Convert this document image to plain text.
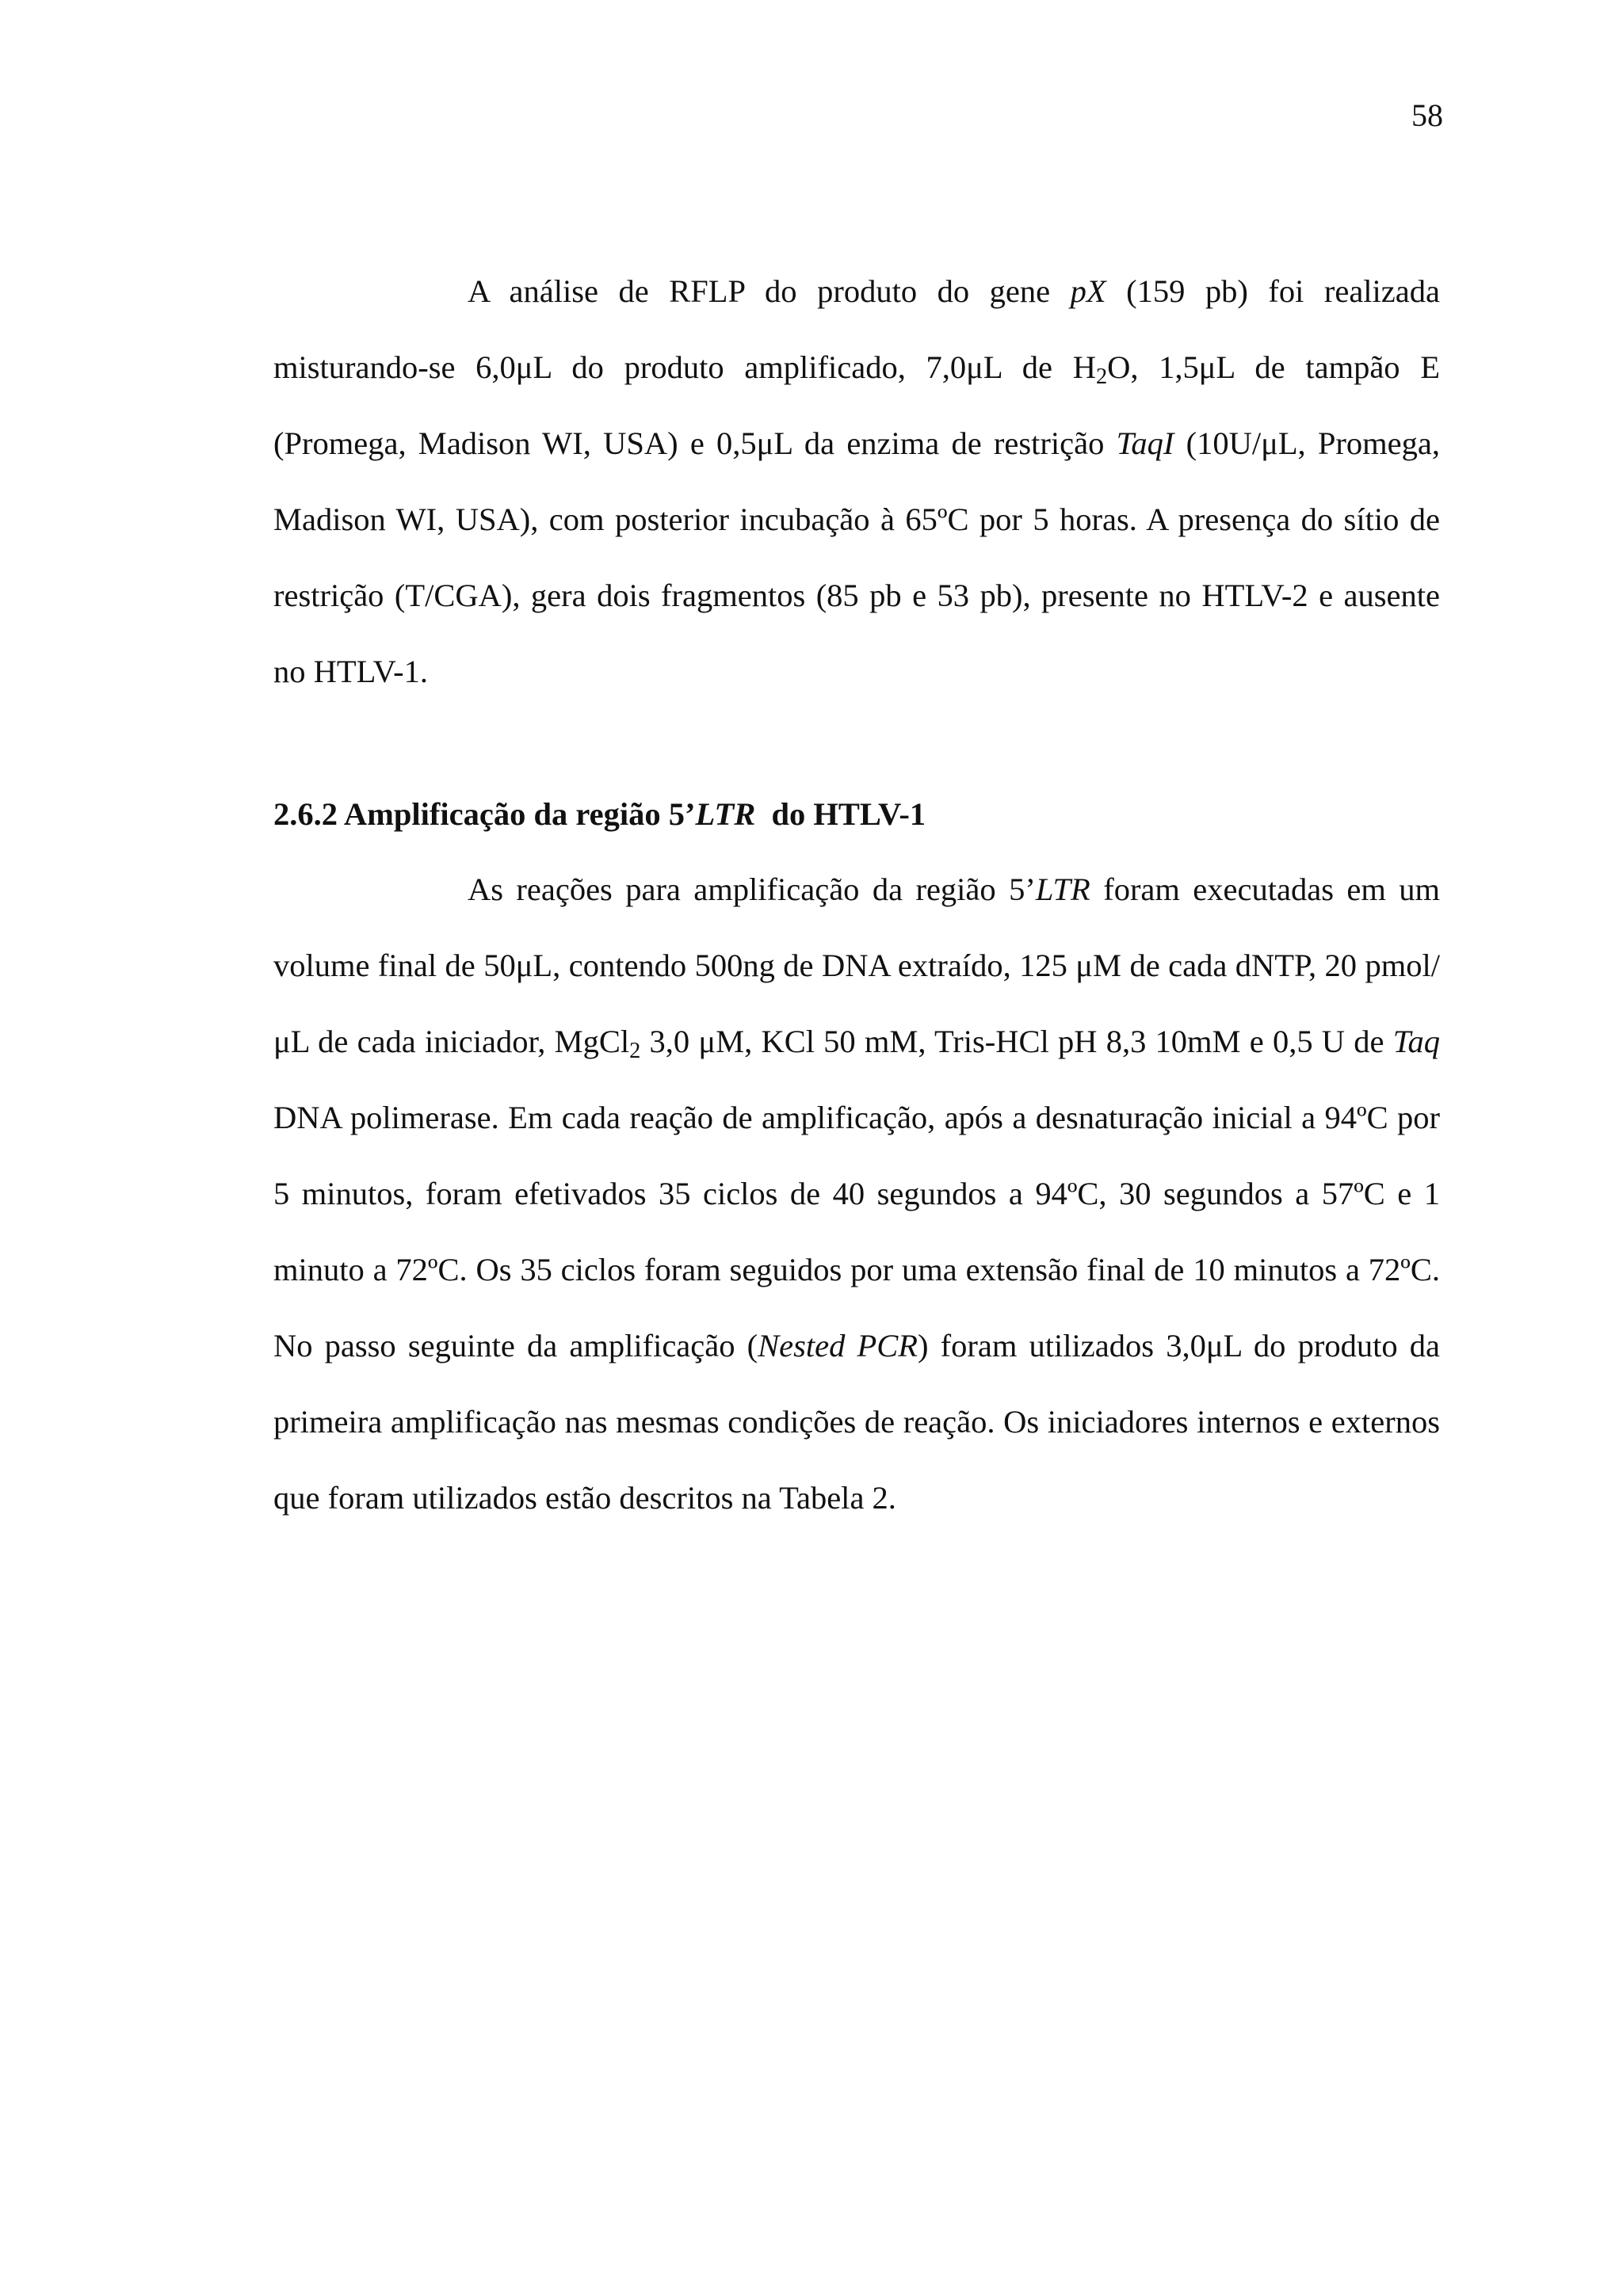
58

A análise de RFLP do produto do gene pX (159 pb) foi realizada misturando-se 6,0μL do produto amplificado, 7,0μL de $H_2O$, 1,5μL de tampão E (Promega, Madison WI, USA) e 0,5μL da enzima de restrição TaqI (10U/μL, Promega, Madison WI, USA), com posterior incubação à 65ºC por 5 horas. A presença do sítio de restrição (T/CGA), gera dois fragmentos (85 pb e 53 pb), presente no HTLV-2 e ausente no HTLV-1.

2.6.2 Amplificação da região 5’LTR  do HTLV-1

As reações para amplificação da região 5’LTR foram executadas em um volume final de 50μL, contendo 500ng de DNA extraído, 125 μM de cada dNTP, 20 pmol/μL de cada iniciador, MgCl$_2$ 3,0 μM, KCl 50 mM, Tris-HCl pH 8,3 10mM e 0,5 U de Taq DNA polimerase. Em cada reação de amplificação, após a desnaturação inicial a 94ºC por 5 minutos, foram efetivados 35 ciclos de 40 segundos a 94ºC, 30 segundos a 57ºC e 1 minuto a 72ºC. Os 35 ciclos foram seguidos por uma extensão final de 10 minutos a 72ºC. No passo seguinte da amplificação (Nested PCR) foram utilizados 3,0μL do produto da primeira amplificação nas mesmas condições de reação. Os iniciadores internos e externos que foram utilizados estão descritos na Tabela 2.
